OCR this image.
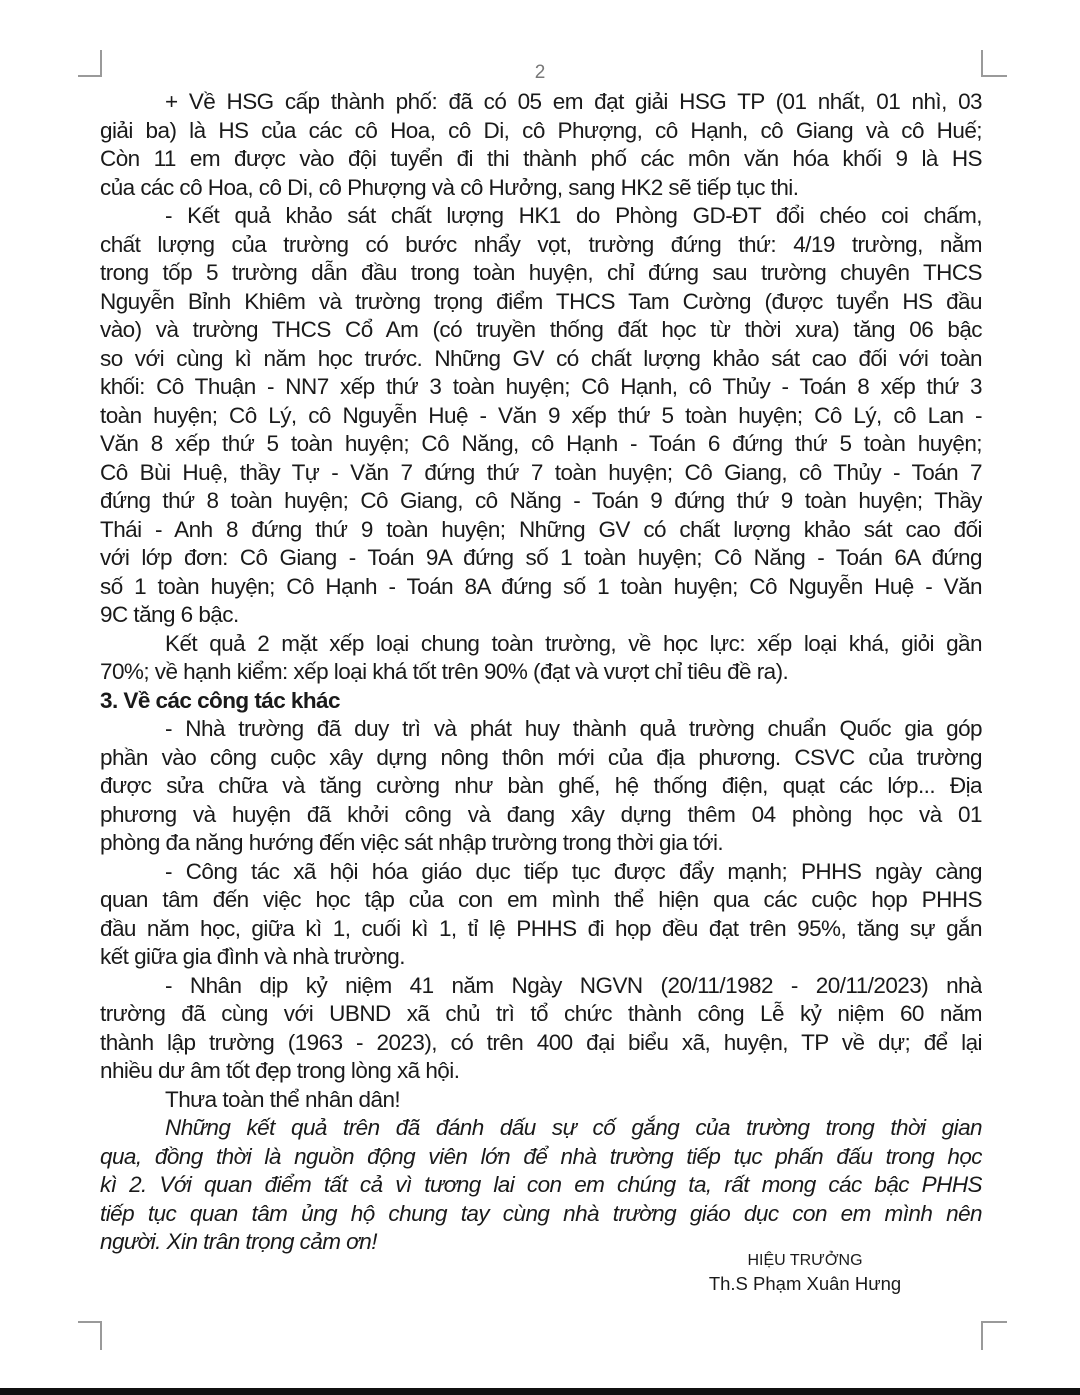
2
+ Về HSG cấp thành phố: đã có 05 em đạt giải HSG TP (01 nhất, 01 nhì, 03
giải ba) là HS của các cô Hoa, cô Di, cô Phượng, cô Hạnh, cô Giang và cô Huế;
Còn 11 em được vào đội tuyển đi thi thành phố các môn văn hóa khối 9 là HS
của các cô Hoa, cô Di, cô Phượng và cô Hưởng, sang HK2 sẽ tiếp tục thi.
- Kết quả khảo sát chất lượng HK1 do Phòng GD-ĐT đổi chéo coi chấm,
chất lượng của trường có bước nhẩy vọt, trường đứng thứ: 4/19 trường, nằm
trong tốp 5 trường dẫn đầu trong toàn huyện, chỉ đứng sau trường chuyên THCS
Nguyễn Bỉnh Khiêm và trường trọng điểm THCS Tam Cường (được tuyển HS đầu
vào) và trường THCS Cổ Am (có truyền thống đất học từ thời xưa) tăng 06 bậc
so với cùng kì năm học trước. Những GV có chất lượng khảo sát cao đối với toàn
khối: Cô Thuận - NN7 xếp thứ 3 toàn huyện; Cô Hạnh, cô Thủy - Toán 8 xếp thứ 3
toàn huyện; Cô Lý, cô Nguyễn Huệ - Văn 9 xếp thứ 5 toàn huyện; Cô Lý, cô Lan -
Văn 8 xếp thứ 5 toàn huyện; Cô Năng, cô Hạnh - Toán 6 đứng thứ 5 toàn huyện;
Cô Bùi Huệ, thầy Tự - Văn 7 đứng thứ 7 toàn huyện; Cô Giang, cô Thủy - Toán 7
đứng thứ 8 toàn huyện; Cô Giang, cô Năng - Toán 9 đứng thứ 9 toàn huyện; Thầy
Thái - Anh 8 đứng thứ 9 toàn huyện; Những GV có chất lượng khảo sát cao đối
với lớp đơn: Cô Giang - Toán 9A đứng số 1 toàn huyện; Cô Năng - Toán 6A đứng
số 1 toàn huyện; Cô Hạnh - Toán 8A đứng số 1 toàn huyện; Cô Nguyễn Huệ - Văn
9C tăng 6 bậc.
Kết quả 2 mặt xếp loại chung toàn trường, về học lực: xếp loại khá, giỏi gần
70%; về hạnh kiểm: xếp loại khá tốt trên 90% (đạt và vượt chỉ tiêu đề ra).
3. Về các công tác khác
- Nhà trường đã duy trì và phát huy thành quả trường chuẩn Quốc gia góp
phần vào công cuộc xây dựng nông thôn mới của địa phương. CSVC của trường
được sửa chữa và tăng cường như bàn ghế, hệ thống điện, quạt các lớp... Địa
phương và huyện đã khởi công và đang xây dựng thêm 04 phòng học và 01
phòng đa năng hướng đến việc sát nhập trường trong thời gia tới.
- Công tác xã hội hóa giáo dục tiếp tục được đẩy mạnh; PHHS ngày càng
quan tâm đến việc học tập của con em mình thể hiện qua các cuộc họp PHHS
đầu năm học, giữa kì 1, cuối kì 1, tỉ lệ PHHS đi họp đều đạt trên 95%, tăng sự gắn
kết giữa gia đình và nhà trường.
- Nhân dịp kỷ niệm 41 năm Ngày NGVN (20/11/1982 - 20/11/2023) nhà
trường đã cùng với UBND xã chủ trì tổ chức thành công Lễ kỷ niệm 60 năm
thành lập trường (1963 - 2023), có trên 400 đại biểu xã, huyện, TP về dự; để lại
nhiều dư âm tốt đẹp trong lòng xã hội.
Thưa toàn thể nhân dân!
Những kết quả trên đã đánh dấu sự cố gắng của trường trong thời gian
qua, đồng thời là nguồn động viên lớn để nhà trường tiếp tục phấn đấu trong học
kì 2. Với quan điểm tất cả vì tương lai con em chúng ta, rất mong các bậc PHHS
tiếp tục quan tâm ủng hộ chung tay cùng nhà trường giáo dục con em mình nên
người. Xin trân trọng cảm ơn!
HIỆU TRƯỞNG
Th.S Phạm Xuân Hưng
